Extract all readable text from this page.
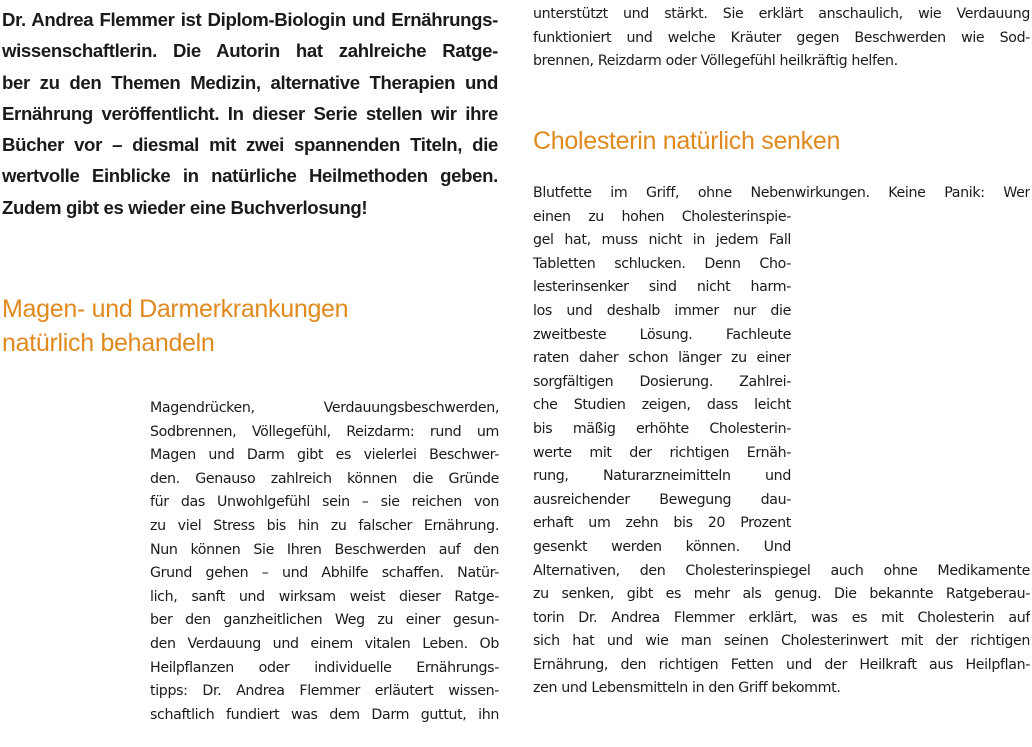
Dr. Andrea Flemmer ist Diplom-Biologin und Ernährungs-
wissenschaftlerin. Die Autorin hat zahlreiche Ratge-
ber zu den Themen Medizin, alternative Therapien und
Ernährung veröffentlicht. In dieser Serie stellen wir ihre
Bücher vor – diesmal mit zwei spannenden Titeln, die
wertvolle Einblicke in natürliche Heilmethoden geben.
Zudem gibt es wieder eine Buchverlosung!
Magen- und Darmerkrankungen
natürlich behandeln
Magendrücken, Verdauungsbeschwerden,
Sodbrennen, Völlegefühl, Reizdarm: rund um
Magen und Darm gibt es vielerlei Beschwer-
den. Genauso zahlreich können die Gründe
für das Unwohlgefühl sein – sie reichen von
zu viel Stress bis hin zu falscher Ernährung.
Nun können Sie Ihren Beschwerden auf den
Grund gehen – und Abhilfe schaffen. Natür-
lich, sanft und wirksam weist dieser Ratge-
ber den ganzheitlichen Weg zu einer gesun-
den Verdauung und einem vitalen Leben. Ob
Heilpflanzen oder individuelle Ernährungs-
tipps: Dr. Andrea Flemmer erläutert wissen-
schaftlich fundiert was dem Darm guttut, ihn
unterstützt und stärkt. Sie erklärt anschaulich, wie Verdauung
funktioniert und welche Kräuter gegen Beschwerden wie Sod-
brennen, Reizdarm oder Völlegefühl heilkräftig helfen.
Cholesterin natürlich senken
Blutfette im Griff, ohne Nebenwirkungen. Keine Panik: Wer
einen zu hohen Cholesterinspie-
gel hat, muss nicht in jedem Fall
Tabletten schlucken. Denn Cho-
lesterinsenker sind nicht harm-
los und deshalb immer nur die
zweitbeste Lösung. Fachleute
raten daher schon länger zu einer
sorgfältigen Dosierung. Zahlrei-
che Studien zeigen, dass leicht
bis mäßig erhöhte Cholesterin-
werte mit der richtigen Ernäh-
rung, Naturarzneimitteln und
ausreichender Bewegung dau-
erhaft um zehn bis 20 Prozent
gesenkt werden können. Und
Alternativen, den Cholesterinspiegel auch ohne Medikamente
zu senken, gibt es mehr als genug. Die bekannte Ratgeberau-
torin Dr. Andrea Flemmer erklärt, was es mit Cholesterin auf
sich hat und wie man seinen Cholesterinwert mit der richtigen
Ernährung, den richtigen Fetten und der Heilkraft aus Heilpflan-
zen und Lebensmitteln in den Griff bekommt.
